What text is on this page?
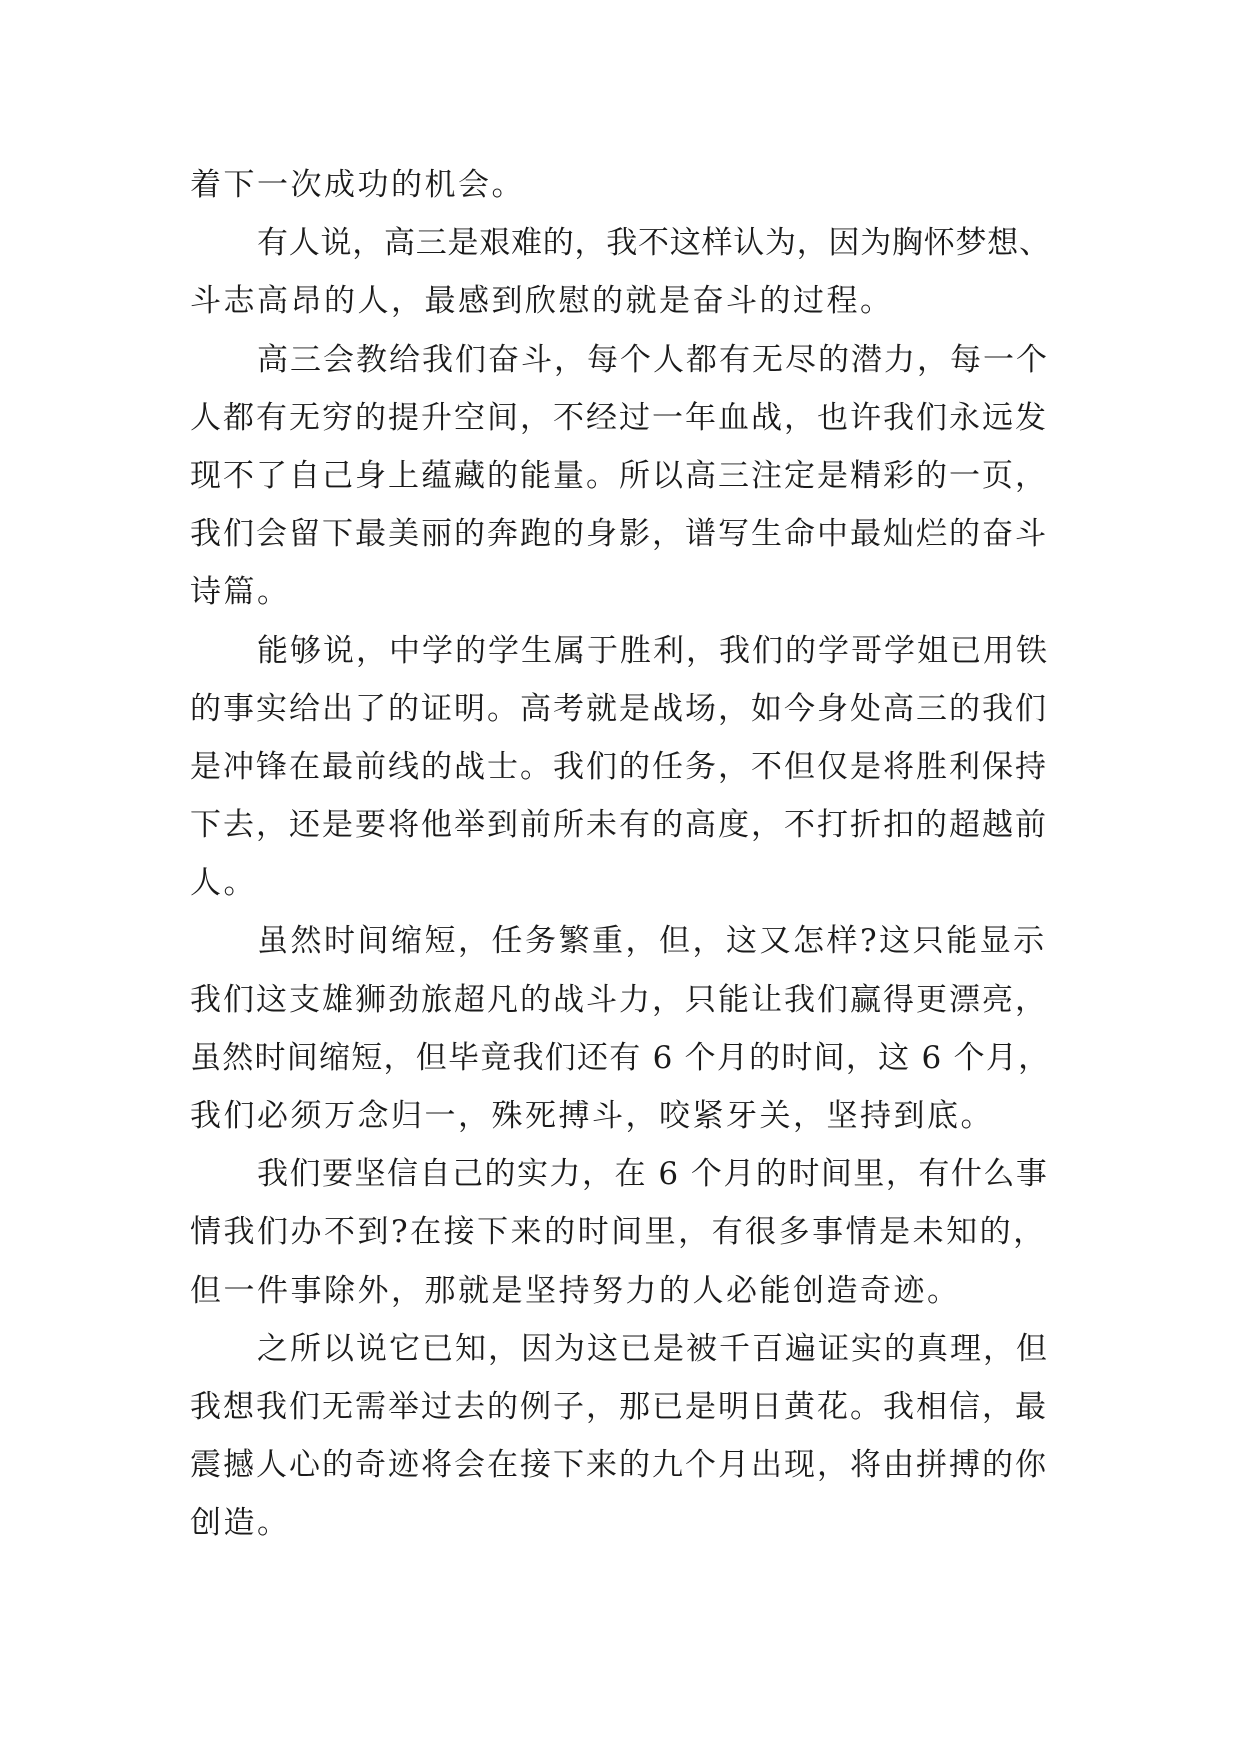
着下一次成功的机会。
有人说，高三是艰难的，我不这样认为，因为胸怀梦想、
斗志高昂的人，最感到欣慰的就是奋斗的过程。
高三会教给我们奋斗，每个人都有无尽的潜力，每一个
人都有无穷的提升空间，不经过一年血战，也许我们永远发
现不了自己身上蕴藏的能量。所以高三注定是精彩的一页，
我们会留下最美丽的奔跑的身影，谱写生命中最灿烂的奋斗
诗篇。
能够说，中学的学生属于胜利，我们的学哥学姐已用铁
的事实给出了的证明。高考就是战场，如今身处高三的我们
是冲锋在最前线的战士。我们的任务，不但仅是将胜利保持
下去，还是要将他举到前所未有的高度，不打折扣的超越前
人。
虽然时间缩短，任务繁重，但，这又怎样?这只能显示
我们这支雄狮劲旅超凡的战斗力，只能让我们赢得更漂亮，
虽然时间缩短，但毕竟我们还有 6 个月的时间，这 6 个月，
我们必须万念归一，殊死搏斗，咬紧牙关，坚持到底。
我们要坚信自己的实力，在 6 个月的时间里，有什么事
情我们办不到?在接下来的时间里，有很多事情是未知的，
但一件事除外，那就是坚持努力的人必能创造奇迹。
之所以说它已知，因为这已是被千百遍证实的真理，但
我想我们无需举过去的例子，那已是明日黄花。我相信，最
震撼人心的奇迹将会在接下来的九个月出现，将由拼搏的你
创造。
